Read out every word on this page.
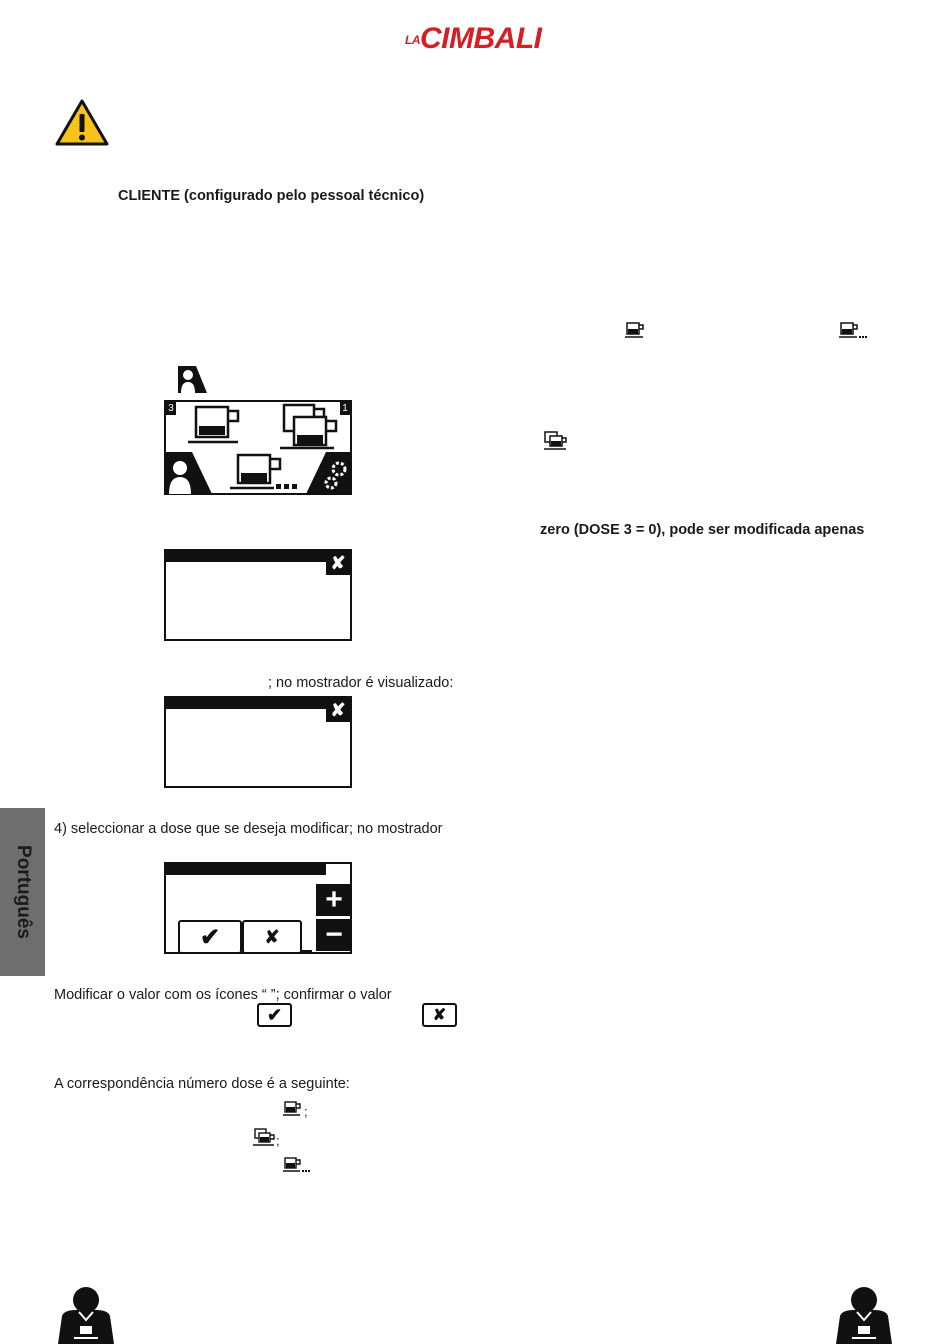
LACIMBALI
CLIENTE (configurado pelo pessoal técnico)
3	1
zero (DOSE 3 = 0), pode ser modificada apenas
✘
; no mostrador é visualizado:
✘
Português
4) seleccionar a dose que se deseja modificar; no mostrador
+
−
✔	✘
Modificar o valor com os ícones “ ”; confirmar o valor
✔	✘
A correspondência número dose é a seguinte:
;
;
